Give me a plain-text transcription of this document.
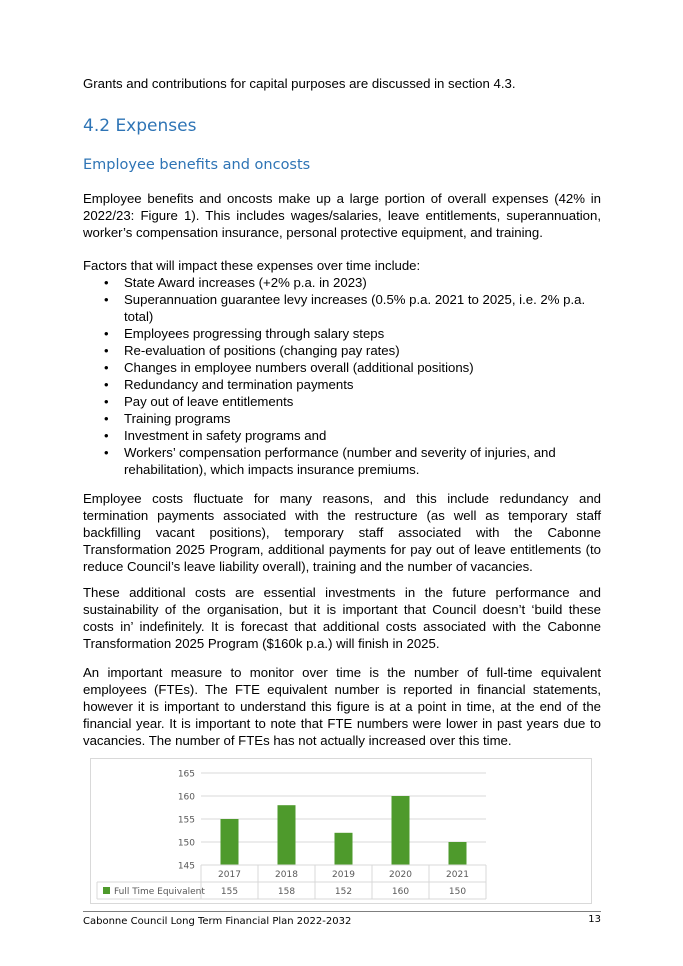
Grants and contributions for capital purposes are discussed in section 4.3.

4.2 Expenses
Employee benefits and oncosts

Employee benefits and oncosts make up a large portion of overall expenses (42% in 2022/23: Figure 1). This includes wages/salaries, leave entitlements, superannuation, worker’s compensation insurance, personal protective equipment, and training.

Factors that will impact these expenses over time include:

• State Award increases (+2% p.a. in 2023)
• Superannuation guarantee levy increases (0.5% p.a. 2021 to 2025, i.e. 2% p.a. total)
• Employees progressing through salary steps
• Re-evaluation of positions (changing pay rates)
• Changes in employee numbers overall (additional positions)
• Redundancy and termination payments
• Pay out of leave entitlements
• Training programs
• Investment in safety programs and
• Workers’ compensation performance (number and severity of injuries, and rehabilitation), which impacts insurance premiums.

Employee costs fluctuate for many reasons, and this include redundancy and termination payments associated with the restructure (as well as temporary staff backfilling vacant positions), temporary staff associated with the Cabonne Transformation 2025 Program, additional payments for pay out of leave entitlements (to reduce Council’s leave liability overall), training and the number of vacancies.

These additional costs are essential investments in the future performance and sustainability of the organisation, but it is important that Council doesn’t ‘build these costs in’ indefinitely. It is forecast that additional costs associated with the Cabonne Transformation 2025 Program ($160k p.a.) will finish in 2025.

An important measure to monitor over time is the number of full-time equivalent employees (FTEs). The FTE equivalent number is reported in financial statements, however it is important to understand this figure is at a point in time, at the end of the financial year. It is important to note that FTE numbers were lower in past years due to vacancies. The number of FTEs has not actually increased over this time.

145
150
155
160
165
2017
155
2018
158
2019
152
2020
160
2021
150
Full Time Equivalent
Cabonne Council Long Term Financial Plan 2022-2032	13
